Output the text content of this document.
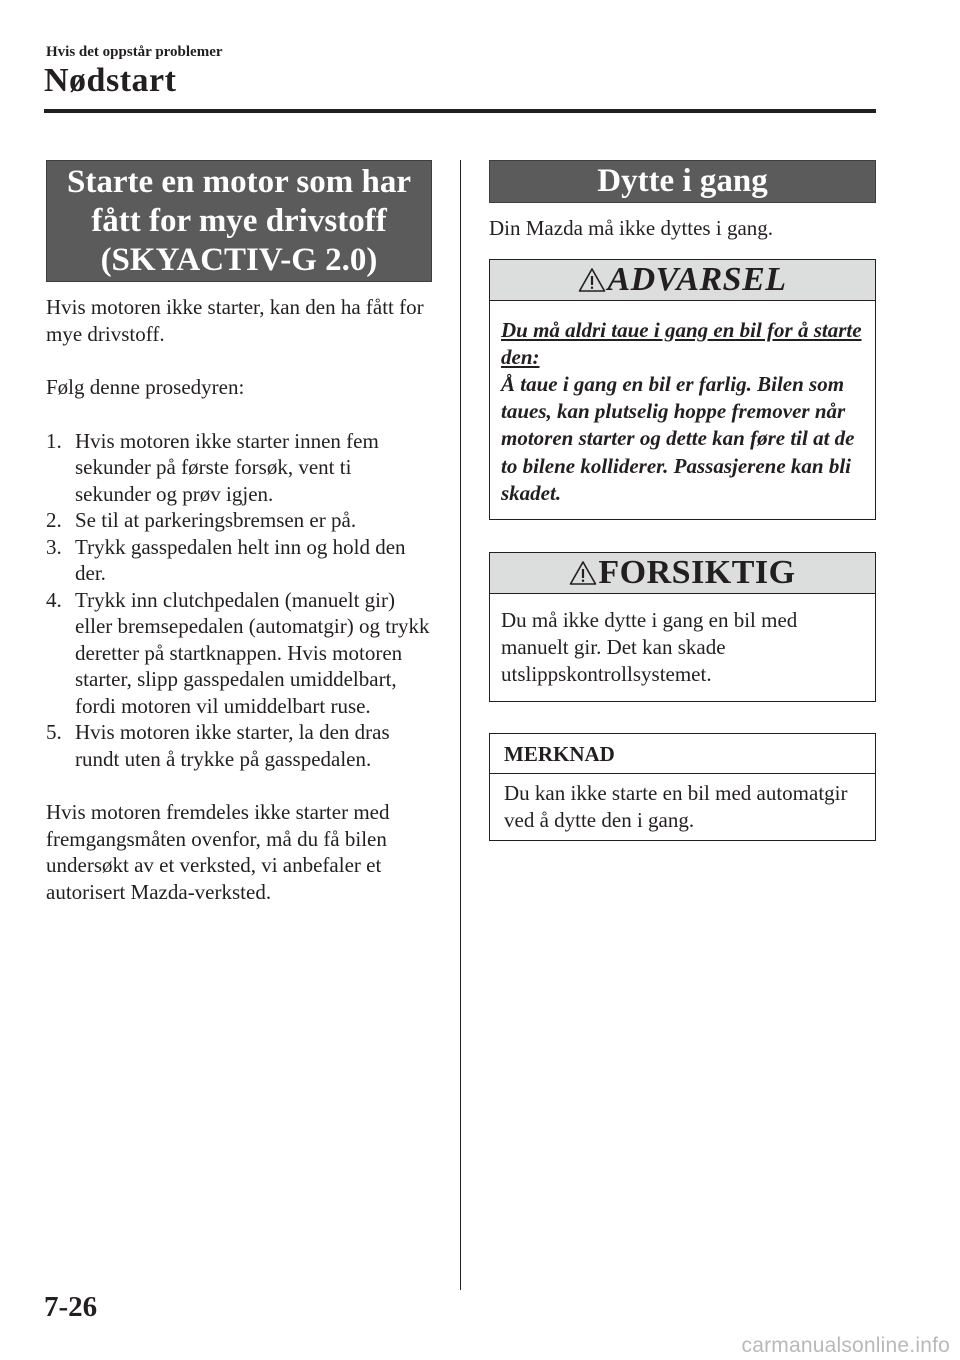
Hvis det oppstår problemer
Nødstart
Starte en motor som har
fått for mye drivstoff
(SKYACTIV-G 2.0)

Hvis motoren ikke starter, kan den ha fått for mye drivstoff.

Følg denne prosedyren:

1. Hvis motoren ikke starter innen fem sekunder på første forsøk, vent ti sekunder og prøv igjen.
2. Se til at parkeringsbremsen er på.
3. Trykk gasspedalen helt inn og hold den der.
4. Trykk inn clutchpedalen (manuelt gir) eller bremsepedalen (automatgir) og trykk deretter på startknappen. Hvis motoren starter, slipp gasspedalen umiddelbart, fordi motoren vil umiddelbart ruse.
5. Hvis motoren ikke starter, la den dras rundt uten å trykke på gasspedalen.

Hvis motoren fremdeles ikke starter med fremgangsmåten ovenfor, må du få bilen undersøkt av et verksted, vi anbefaler et autorisert Mazda-verksted.

Dytte i gang

Din Mazda må ikke dyttes i gang.

ADVARSEL
Du må aldri taue i gang en bil for å starte den:
Å taue i gang en bil er farlig. Bilen som taues, kan plutselig hoppe fremover når motoren starter og dette kan føre til at de to bilene kolliderer. Passasjerene kan bli skadet.
FORSIKTIG
Du må ikke dytte i gang en bil med manuelt gir. Det kan skade utslippskontrollsystemet.
MERKNAD
Du kan ikke starte en bil med automatgir ved å dytte den i gang.
7-26
carmanualsonline.info
